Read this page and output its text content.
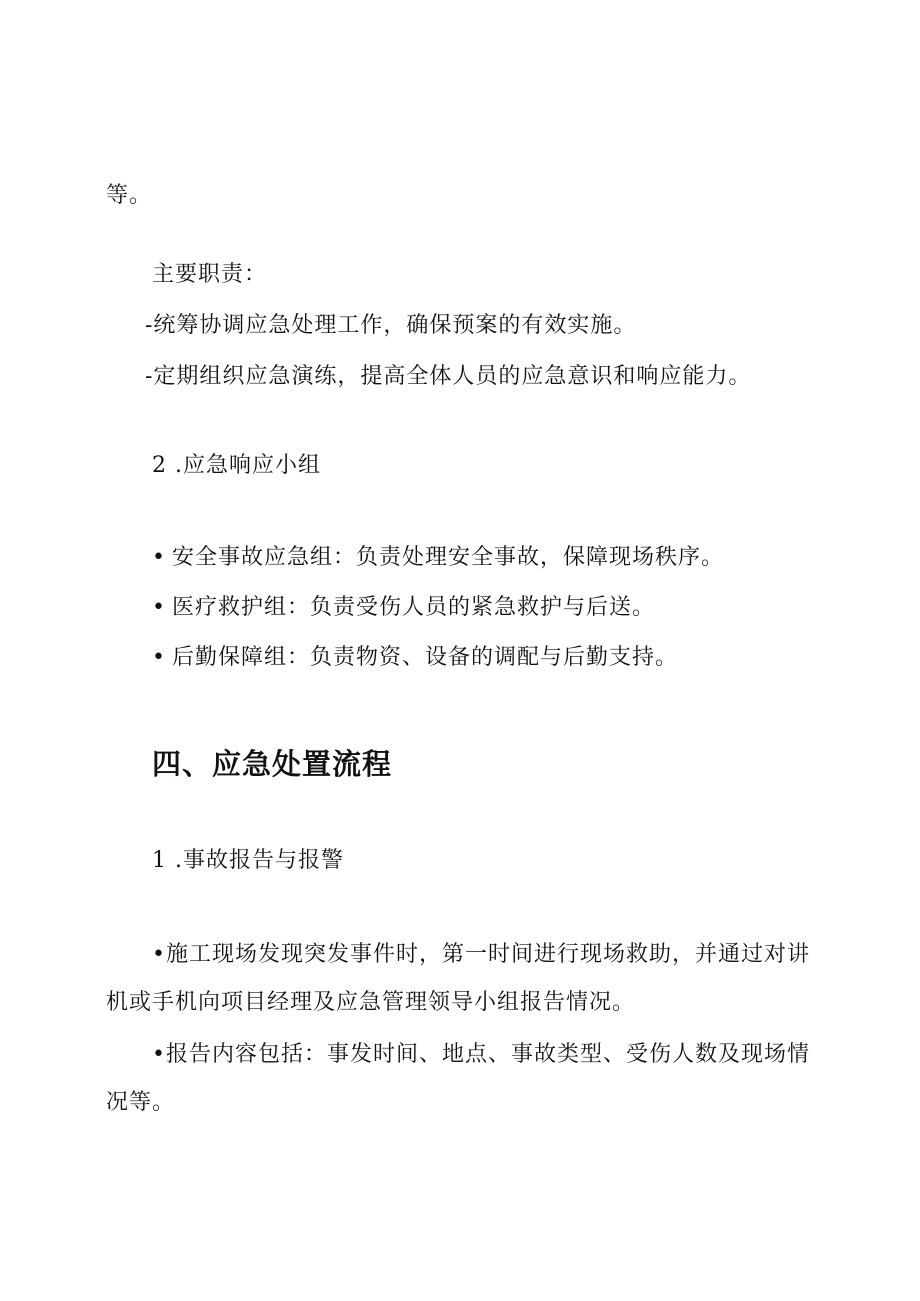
等。
主要职责：
-统筹协调应急处理工作，确保预案的有效实施。
-定期组织应急演练，提高全体人员的应急意识和响应能力。
2 .应急响应小组
• 安全事故应急组：负责处理安全事故，保障现场秩序。
• 医疗救护组：负责受伤人员的紧急救护与后送。
• 后勤保障组：负责物资、设备的调配与后勤支持。
四、应急处置流程
1 .事故报告与报警
•施工现场发现突发事件时，第一时间进行现场救助，并通过对讲
机或手机向项目经理及应急管理领导小组报告情况。
•报告内容包括：事发时间、地点、事故类型、受伤人数及现场情
况等。
